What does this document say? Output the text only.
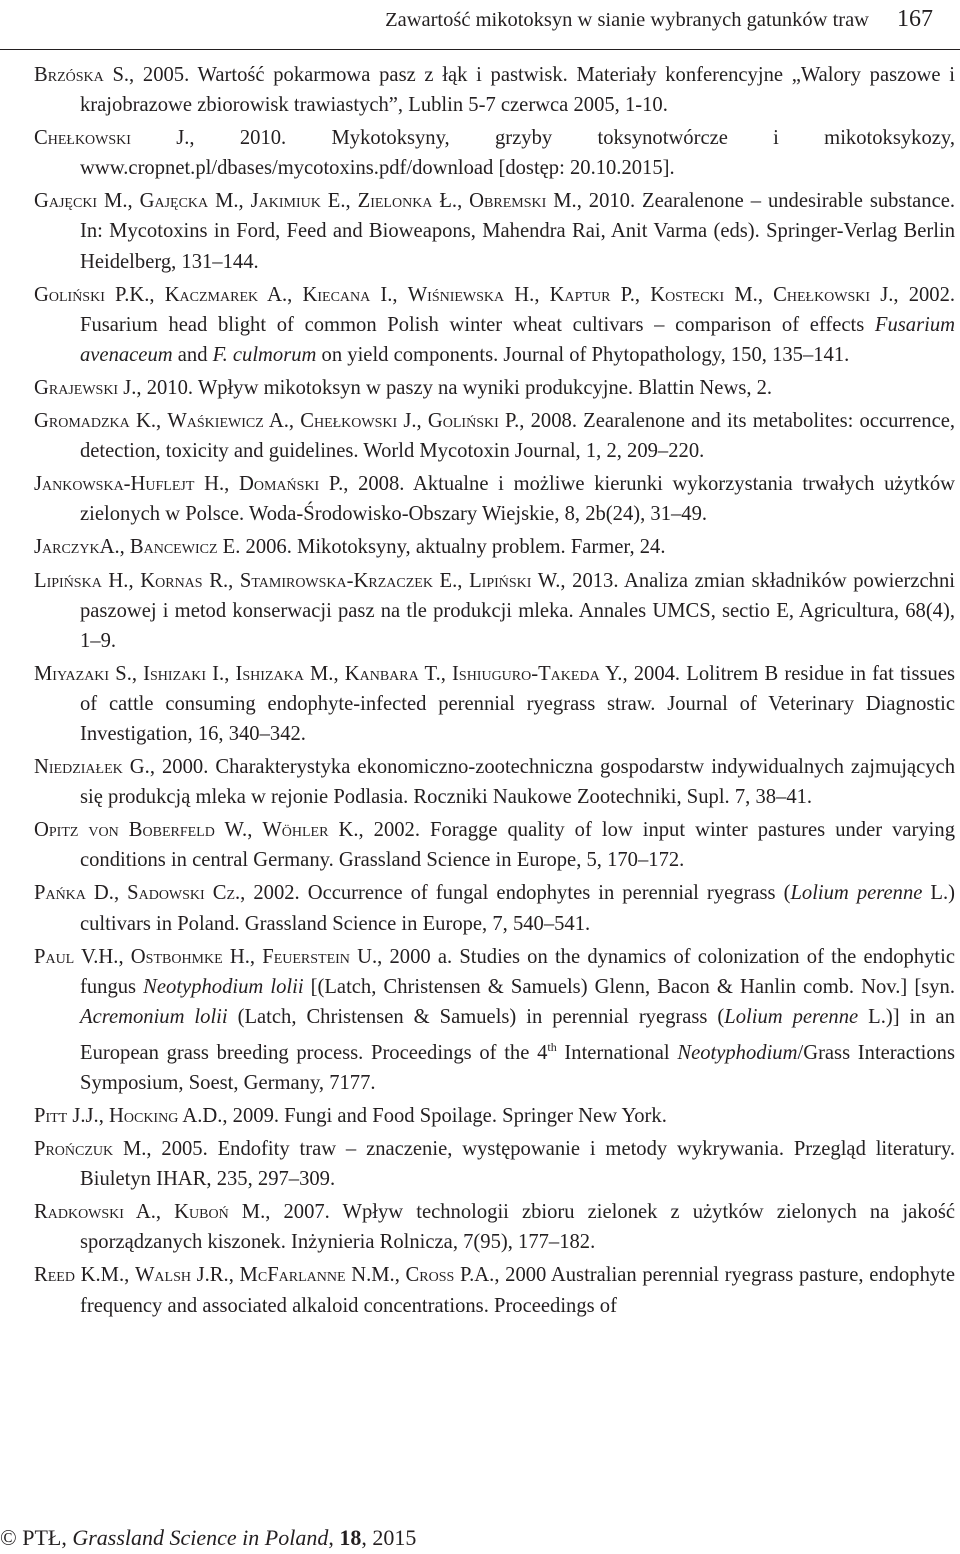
Zawartość mikotoksyn w sianie wybranych gatunków traw 167

Brzóska S., 2005. Wartość pokarmowa pasz z łąk i pastwisk. Materiały konferencyjne „Walory paszowe i krajobrazowe zbiorowisk trawiastych”, Lublin 5-7 czerwca 2005, 1-10.

Chełkowski J., 2010. Mykotoksyny, grzyby toksynotwórcze i mikotoksykozy, www.cropnet.pl/dbases/mycotoxins.pdf/download [dostęp: 20.10.2015].

Gajęcki M., Gajęcka M., Jakimiuk E., Zielonka Ł., Obremski M., 2010. Zearalenone – undesirable substance. In: Mycotoxins in Ford, Feed and Bioweapons, Mahendra Rai, Anit Varma (eds). Springer-Verlag Berlin Heidelberg, 131–144.

Goliński P.K., Kaczmarek A., Kiecana I., Wiśniewska H., Kaptur P., Kostecki M., Chełkowski J., 2002. Fusarium head blight of common Polish winter wheat cultivars – comparison of effects Fusarium avenaceum and F. culmorum on yield components. Journal of Phytopathology, 150, 135–141.

Grajewski J., 2010. Wpływ mikotoksyn w paszy na wyniki produkcyjne. Blattin News, 2.

Gromadzka K., Waśkiewicz A., Chełkowski J., Goliński P., 2008. Zearalenone and its metabolites: occurrence, detection, toxicity and guidelines. World Mycotoxin Journal, 1, 2, 209–220.

Jankowska-Huflejt H., Domański P., 2008. Aktualne i możliwe kierunki wykorzystania trwałych użytków zielonych w Polsce. Woda-Środowisko-Obszary Wiejskie, 8, 2b(24), 31–49.

JarczykA., Bancewicz E. 2006. Mikotoksyny, aktualny problem. Farmer, 24.

Lipińska H., Kornas R., Stamirowska-Krzaczek E., Lipiński W., 2013. Analiza zmian składników powierzchni paszowej i metod konserwacji pasz na tle produkcji mleka. Annales UMCS, sectio E, Agricultura, 68(4), 1–9.

Miyazaki S., Ishizaki I., Ishizaka M., Kanbara T., Ishiuguro-Takeda Y., 2004. Lolitrem B residue in fat tissues of cattle consuming endophyte-infected perennial ryegrass straw. Journal of Veterinary Diagnostic Investigation, 16, 340–342.

Niedziałek G., 2000. Charakterystyka ekonomiczno-zootechniczna gospodarstw indywidualnych zajmujących się produkcją mleka w rejonie Podlasia. Roczniki Naukowe Zootechniki, Supl. 7, 38–41.

Opitz von Boberfeld W., Wöhler K., 2002. Foragge quality of low input winter pastures under varying conditions in central Germany. Grassland Science in Europe, 5, 170–172.

Pańka D., Sadowski Cz., 2002. Occurrence of fungal endophytes in perennial ryegrass (Lolium perenne L.) cultivars in Poland. Grassland Science in Europe, 7, 540–541.

Paul V.H., Ostbohmke H., Feuerstein U., 2000 a. Studies on the dynamics of colonization of the endophytic fungus Neotyphodium lolii [(Latch, Christensen & Samuels) Glenn, Bacon & Hanlin comb. Nov.] [syn. Acremonium lolii (Latch, Christensen & Samuels) in perennial ryegrass (Lolium perenne L.)] in an European grass breeding process. Proceedings of the 4th International Neotyphodium/Grass Interactions Symposium, Soest, Germany, 7177.

Pitt J.J., Hocking A.D., 2009. Fungi and Food Spoilage. Springer New York.

Prończuk M., 2005. Endofity traw – znaczenie, występowanie i metody wykrywania. Przegląd literatury. Biuletyn IHAR, 235, 297–309.

Radkowski A., Kuboń M., 2007. Wpływ technologii zbioru zielonek z użytków zielonych na jakość sporządzanych kiszonek. Inżynieria Rolnicza, 7(95), 177–182.

Reed K.M., Walsh J.R., McFarlanne N.M., Cross P.A., 2000 Australian perennial ryegrass pasture, endophyte frequency and associated alkaloid concentrations. Proceedings of

© PTŁ, Grassland Science in Poland, 18, 2015
